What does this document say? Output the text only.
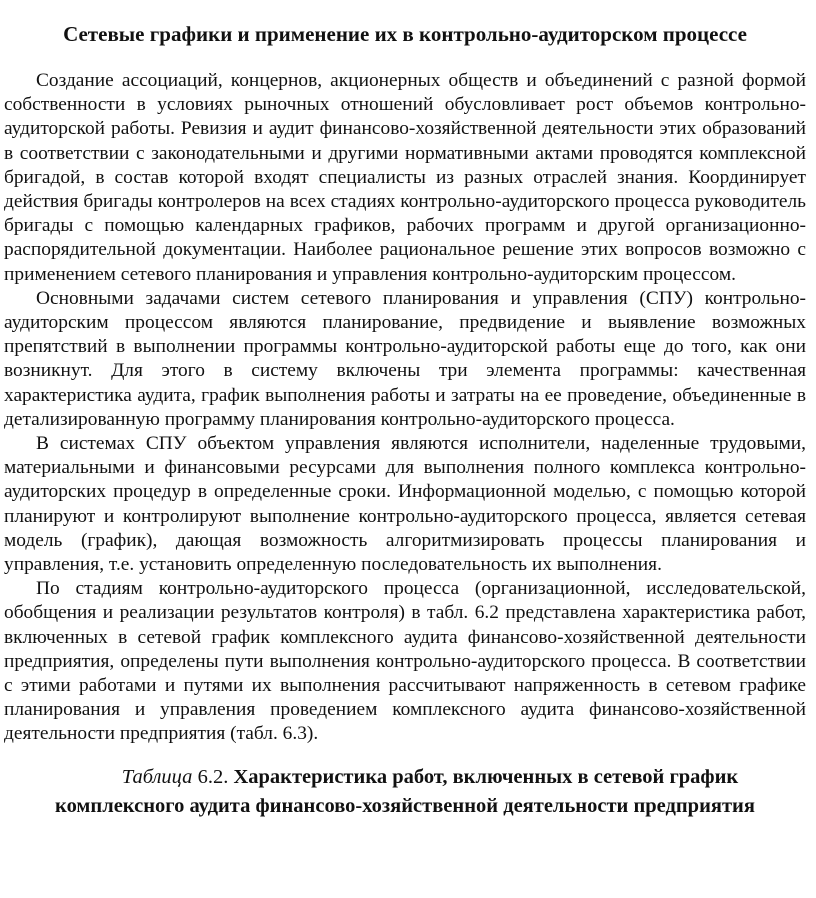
Сетевые графики и применение их в контрольно-аудиторском процессе

Создание ассоциаций, концернов, акционерных обществ и объединений с разной формой собственности в условиях рыночных отношений обусловливает рост объемов контрольно-аудиторской работы. Ревизия и аудит финансово-хозяйственной деятельности этих образований в соответствии с законодательными и другими нормативными актами проводятся комплексной бригадой, в состав которой входят специалисты из разных отраслей знания. Координирует действия бригады контролеров на всех стадиях контрольно-аудиторского процесса руководитель бригады с помощью календарных графиков, рабочих программ и другой организационно-распорядительной документации. Наиболее рациональное решение этих вопросов возможно с применением сетевого планирования и управления контрольно-аудиторским процессом.

Основными задачами систем сетевого планирования и управления (СПУ) контрольно-аудиторским процессом являются планирование, предвидение и выявление возможных препятствий в выполнении программы контрольно-аудиторской работы еще до того, как они возникнут. Для этого в систему включены три элемента программы: качественная характеристика аудита, график выполнения работы и затраты на ее проведение, объединенные в детализированную программу планирования контрольно-аудиторского процесса.

В системах СПУ объектом управления являются исполнители, наделенные трудовыми, материальными и финансовыми ресурсами для выполнения полного комплекса контрольно-аудиторских процедур в определенные сроки. Информационной моделью, с помощью которой планируют и контролируют выполнение контрольно-аудиторского процесса, является сетевая модель (график), дающая возможность алгоритмизировать процессы планирования и управления, т.е. установить определенную последовательность их выполнения.

По стадиям контрольно-аудиторского процесса (организационной, исследовательской, обобщения и реализации результатов контроля) в табл. 6.2 представлена характеристика работ, включенных в сетевой график комплексного аудита финансово-хозяйственной деятельности предприятия, определены пути выполнения контрольно-аудиторского процесса. В соответствии с этими работами и путями их выполнения рассчитывают напряженность в сетевом графике планирования и управления проведением комплексного аудита финансово-хозяйственной деятельности предприятия (табл. 6.3).

Таблица 6.2. Характеристика работ, включенных в сетевой график
комплексного аудита финансово-хозяйственной деятельности предприятия
